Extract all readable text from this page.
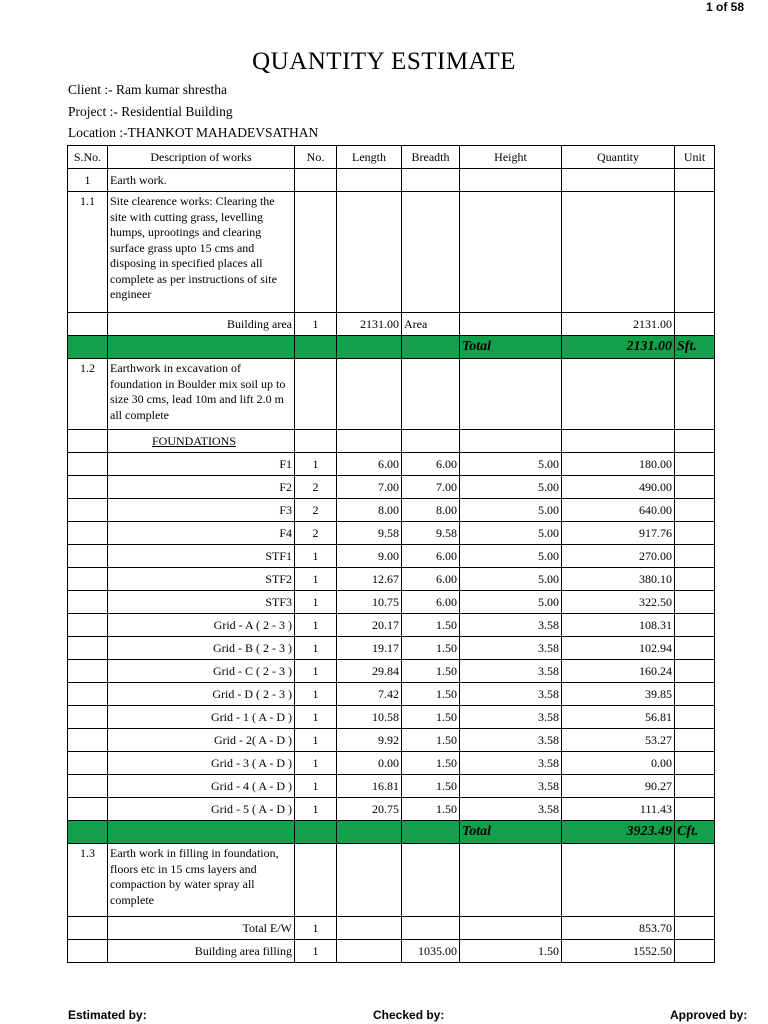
1 of 58
QUANTITY ESTIMATE
Client :- Ram kumar shrestha
Project :- Residential Building
Location :-THANKOT MAHADEVSATHAN
S.No.	Description of works	No.	Length	Breadth	Height	Quantity	Unit
1	Earth work.						
1.1	Site clearence works: Clearing the site with cutting grass, levelling humps, uprootings and clearing surface grass upto 15 cms and disposing in specified places all complete as per instructions of site engineer						
	Building area	1	2131.00	Area		2131.00	
					Total	2131.00	Sft.
1.2	Earthwork in excavation of foundation in Boulder mix soil up to size 30 cms, lead 10m and lift 2.0 m all complete						
	FOUNDATIONS						
	F1	1	6.00	6.00	5.00	180.00	
	F2	2	7.00	7.00	5.00	490.00	
	F3	2	8.00	8.00	5.00	640.00	
	F4	2	9.58	9.58	5.00	917.76	
	STF1	1	9.00	6.00	5.00	270.00	
	STF2	1	12.67	6.00	5.00	380.10	
	STF3	1	10.75	6.00	5.00	322.50	
	Grid - A ( 2 - 3 )	1	20.17	1.50	3.58	108.31	
	Grid - B ( 2 - 3 )	1	19.17	1.50	3.58	102.94	
	Grid - C ( 2 - 3 )	1	29.84	1.50	3.58	160.24	
	Grid - D ( 2 - 3 )	1	7.42	1.50	3.58	39.85	
	Grid - 1 ( A - D )	1	10.58	1.50	3.58	56.81	
	Grid - 2( A - D )	1	9.92	1.50	3.58	53.27	
	Grid - 3 ( A - D )	1	0.00	1.50	3.58	0.00	
	Grid - 4 ( A - D )	1	16.81	1.50	3.58	90.27	
	Grid - 5 ( A - D )	1	20.75	1.50	3.58	111.43	
					Total	3923.49	Cft.
1.3	Earth work in filling in foundation, floors etc in 15 cms layers and compaction by water spray all complete						
	Total E/W	1				853.70	
	Building area filling	1		1035.00	1.50	1552.50	
Estimated by:	Checked by:	Approved by:
